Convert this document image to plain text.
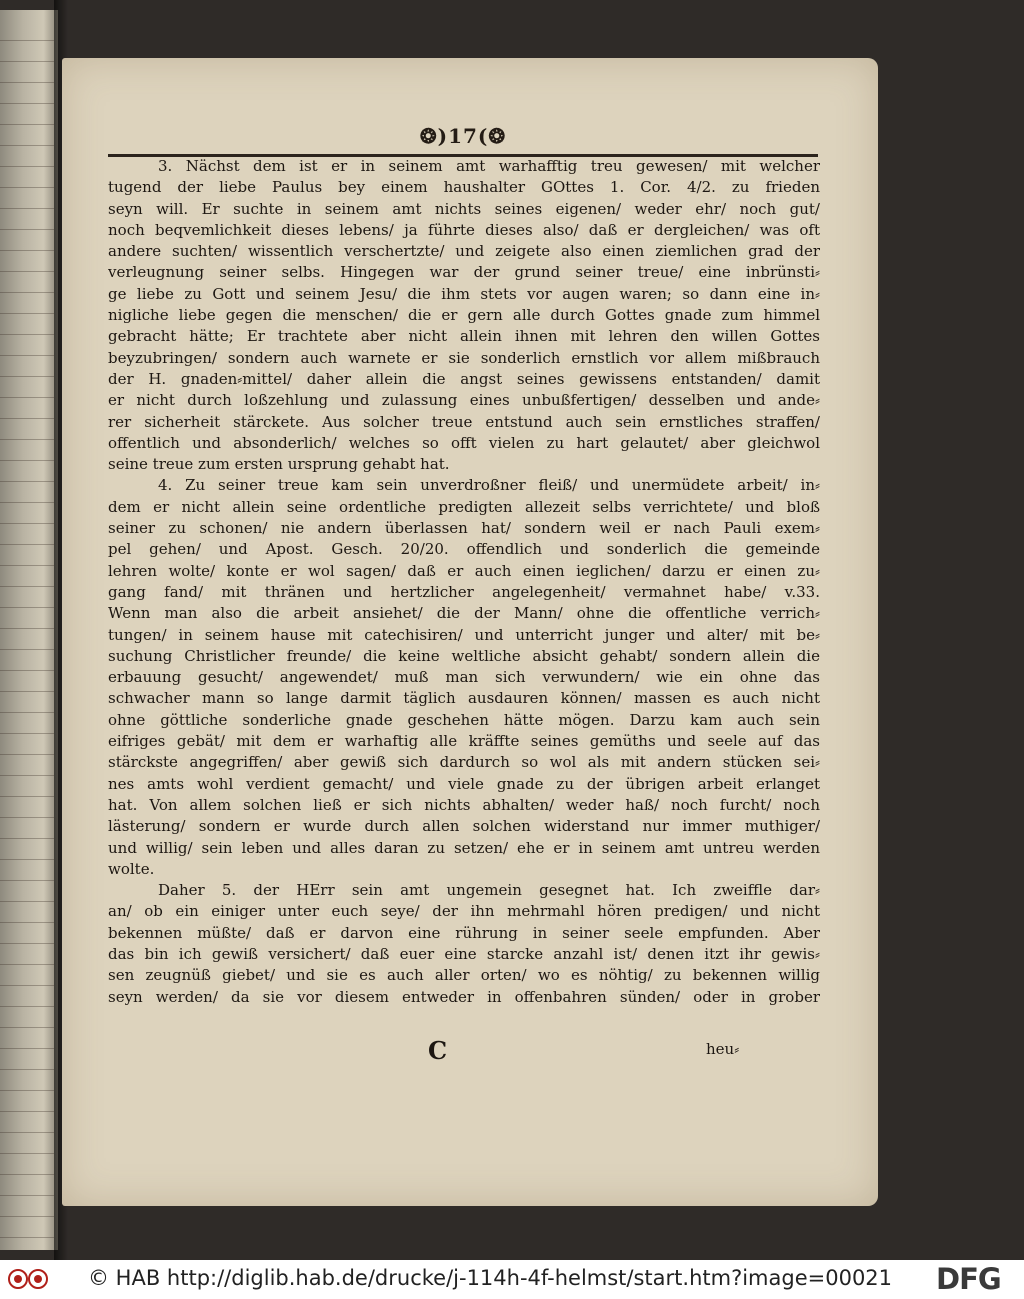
❂)17(❂
3. Nächst dem ist er in seinem amt warhafftig treu gewesen/ mit welcher
tugend der liebe Paulus bey einem haushalter GOttes 1. Cor. 4/2. zu frieden
seyn will. Er suchte in seinem amt nichts seines eigenen/ weder ehr/ noch gut/
noch beqvemlichkeit dieses lebens/ ja führte dieses also/ daß er dergleichen/ was oft
andere suchten/ wissentlich verschertzte/ und zeigete also einen ziemlichen grad der
verleugnung seiner selbs. Hingegen war der grund seiner treue/ eine inbrünsti⸗
ge liebe zu Gott und seinem Jesu/ die ihm stets vor augen waren; so dann eine in⸗
nigliche liebe gegen die menschen/ die er gern alle durch Gottes gnade zum himmel
gebracht hätte; Er trachtete aber nicht allein ihnen mit lehren den willen Gottes
beyzubringen/ sondern auch warnete er sie sonderlich ernstlich vor allem mißbrauch
der H. gnaden⸗mittel/ daher allein die angst seines gewissens entstanden/ damit
er nicht durch loßzehlung und zulassung eines unbußfertigen/ desselben und ande⸗
rer sicherheit stärckete. Aus solcher treue entstund auch sein ernstliches straffen/
offentlich und absonderlich/ welches so offt vielen zu hart gelautet/ aber gleichwol
seine treue zum ersten ursprung gehabt hat.
4. Zu seiner treue kam sein unverdroßner fleiß/ und unermüdete arbeit/ in⸗
dem er nicht allein seine ordentliche predigten allezeit selbs verrichtete/ und bloß
seiner zu schonen/ nie andern überlassen hat/ sondern weil er nach Pauli exem⸗
pel gehen/ und Apost. Gesch. 20/20. offendlich und sonderlich die gemeinde
lehren wolte/ konte er wol sagen/ daß er auch einen ieglichen/ darzu er einen zu⸗
gang fand/ mit thränen und hertzlicher angelegenheit/ vermahnet habe/ v.33.
Wenn man also die arbeit ansiehet/ die der Mann/ ohne die offentliche verrich⸗
tungen/ in seinem hause mit catechisiren/ und unterricht junger und alter/ mit be⸗
suchung Christlicher freunde/ die keine weltliche absicht gehabt/ sondern allein die
erbauung gesucht/ angewendet/ muß man sich verwundern/ wie ein ohne das
schwacher mann so lange darmit täglich ausdauren können/ massen es auch nicht
ohne göttliche sonderliche gnade geschehen hätte mögen. Darzu kam auch sein
eifriges gebät/ mit dem er warhaftig alle kräffte seines gemüths und seele auf das
stärckste angegriffen/ aber gewiß sich dardurch so wol als mit andern stücken sei⸗
nes amts wohl verdient gemacht/ und viele gnade zu der übrigen arbeit erlanget
hat. Von allem solchen ließ er sich nichts abhalten/ weder haß/ noch furcht/ noch
lästerung/ sondern er wurde durch allen solchen widerstand nur immer muthiger/
und willig/ sein leben und alles daran zu setzen/ ehe er in seinem amt untreu werden
wolte.
Daher 5. der HErr sein amt ungemein gesegnet hat. Ich zweiffle dar⸗
an/ ob ein einiger unter euch seye/ der ihn mehrmahl hören predigen/ und nicht
bekennen müßte/ daß er darvon eine rührung in seiner seele empfunden. Aber
das bin ich gewiß versichert/ daß euer eine starcke anzahl ist/ denen itzt ihr gewis⸗
sen zeugnüß giebet/ und sie es auch aller orten/ wo es nöhtig/ zu bekennen willig
seyn werden/ da sie vor diesem entweder in offenbahren sünden/ oder in grober
C	heu⸗
© HAB http://diglib.hab.de/drucke/j-114h-4f-helmst/start.htm?image=00021 DFG
